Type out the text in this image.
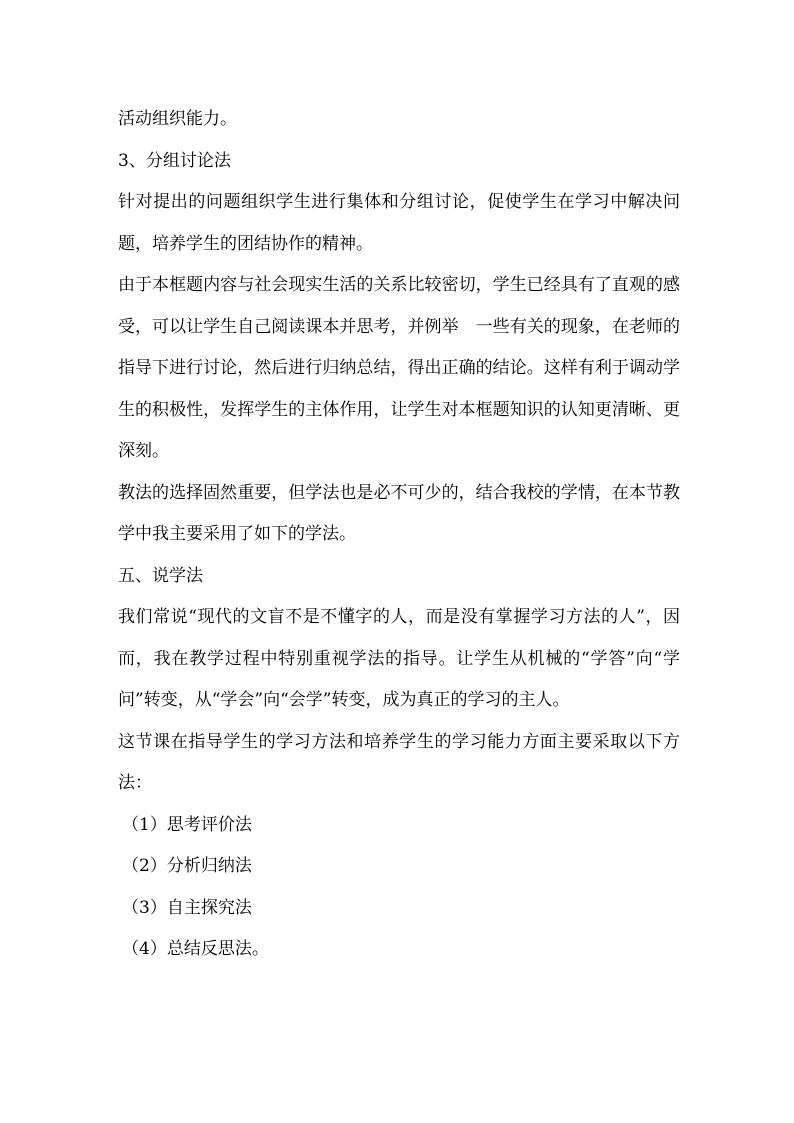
活动组织能力。

3、分组讨论法

针对提出的问题组织学生进行集体和分组讨论，促使学生在学习中解决问题，培养学生的团结协作的精神。

由于本框题内容与社会现实生活的关系比较密切，学生已经具有了直观的感受，可以让学生自己阅读课本并思考，并例举　一些有关的现象，在老师的指导下进行讨论，然后进行归纳总结，得出正确的结论。这样有利于调动学生的积极性，发挥学生的主体作用，让学生对本框题知识的认知更清晰、更深刻。

教法的选择固然重要，但学法也是必不可少的，结合我校的学情，在本节教学中我主要采用了如下的学法。

五、说学法

我们常说“现代的文盲不是不懂字的人，而是没有掌握学习方法的人”，因而，我在教学过程中特别重视学法的指导。让学生从机械的“学答”向“学问”转变，从“学会”向“会学”转变，成为真正的学习的主人。

这节课在指导学生的学习方法和培养学生的学习能力方面主要采取以下方法：

（1）思考评价法

（2）分析归纳法

（3）自主探究法

（4）总结反思法。
